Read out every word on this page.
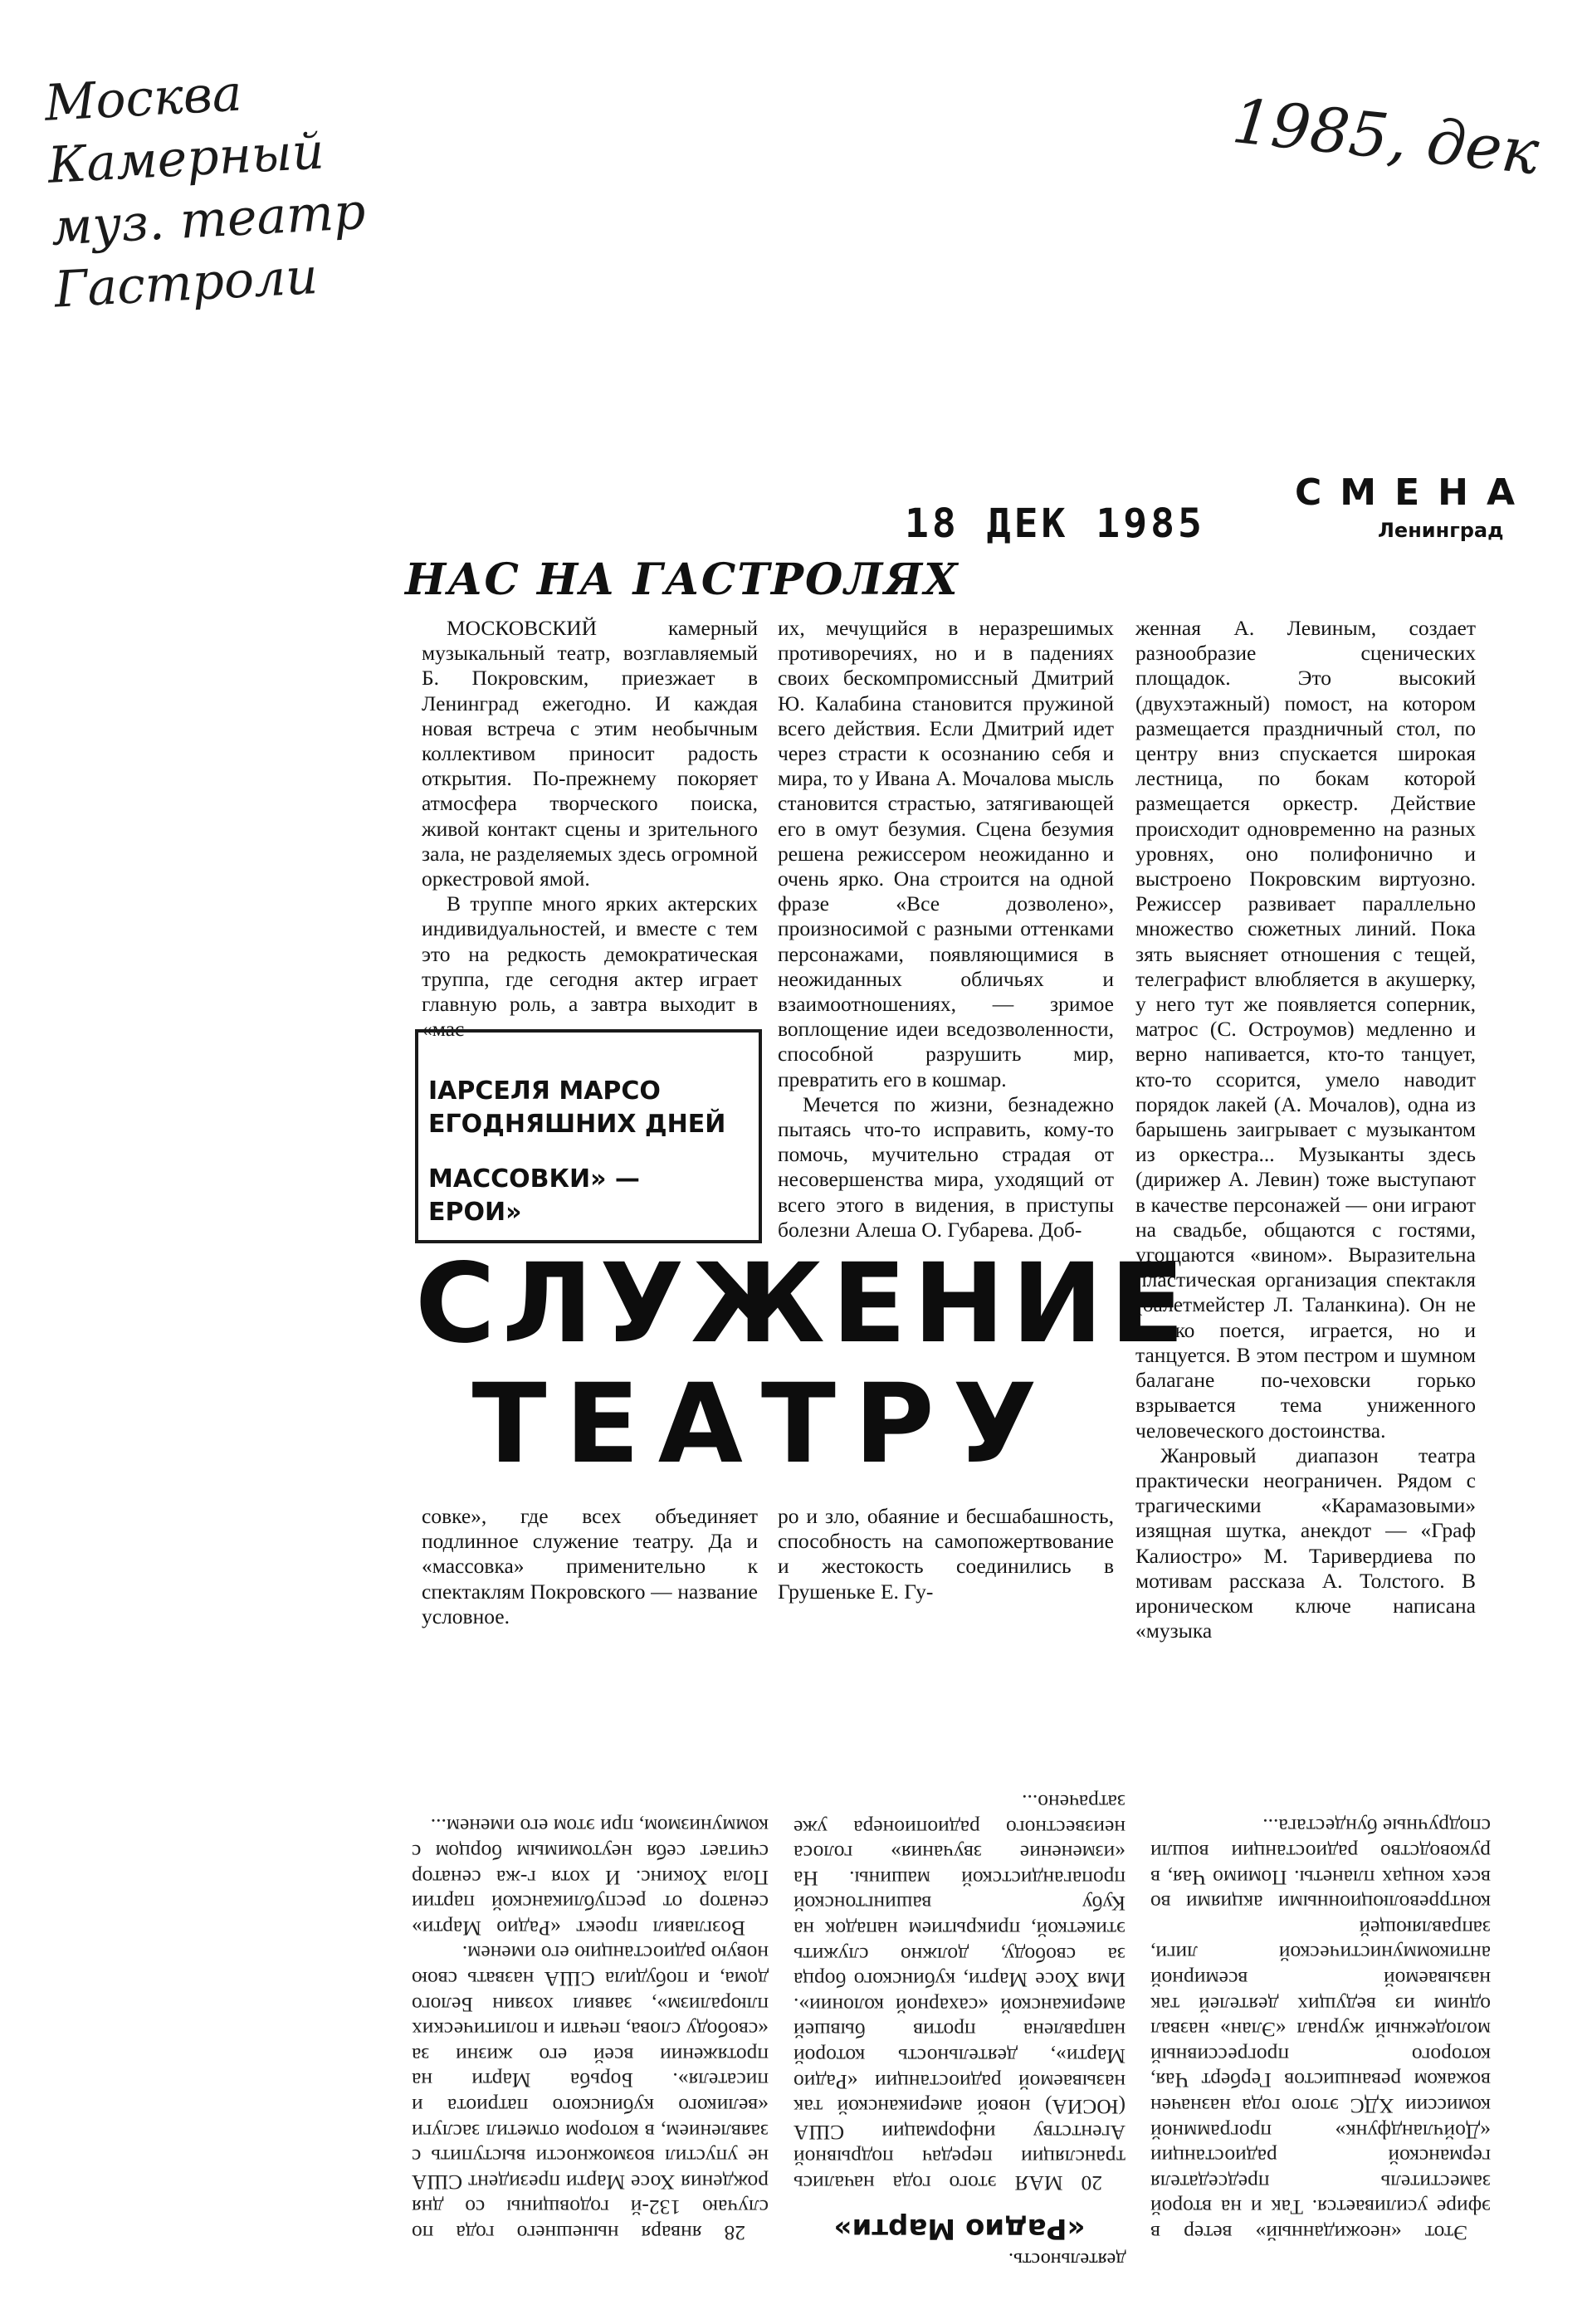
Москва
Камерный
муз. театр
Гастроли
1985, дек
18 ДЕК 1985
СМЕНА
Ленинград
НАС НА ГАСТРОЛЯХ

МОСКОВСКИЙ камерный музыкальный театр, возглавляемый Б. Покровским, приезжает в Ленинград ежегодно. И каждая новая встреча с этим необычным коллективом приносит радость открытия. По-прежнему покоряет атмосфера творческого поиска, живой контакт сцены и зрительного зала, не разделяемых здесь огромной оркестровой ямой.

В труппе много ярких актерских индивидуальностей, и вместе с тем это на редкость демократическая труппа, где сегодня актер играет главную роль, а завтра выходит в «мас-

их, мечущийся в неразрешимых противоречиях, но и в падениях своих бескомпромиссный Дмитрий Ю. Калабина становится пружиной всего действия. Если Дмитрий идет через страсти к осознанию себя и мира, то у Ивана А. Мочалова мысль становится страстью, затягивающей его в омут безумия. Сцена безумия решена режиссером неожиданно и очень ярко. Она строится на одной фразе «Все дозволено», произносимой с разными оттенками персонажами, появляющимися в неожиданных обличьях и взаимоотношениях, — зримое воплощение идеи вседозволенности, способной разрушить мир, превратить его в кошмар.

Мечется по жизни, безнадежно пытаясь что-то исправить, кому-то помочь, мучительно страдая от несовершенства мира, уходящий от всего этого в видения, в приступы болезни Алеша О. Губарева. Доб-

женная А. Левиным, создает разнообразие сценических площадок. Это высокий (двухэтажный) помост, на котором размещается праздничный стол, по центру вниз спускается широкая лестница, по бокам которой размещается оркестр. Действие происходит одновременно на разных уровнях, оно полифонично и выстроено Покровским виртуозно. Режиссер развивает параллельно множество сюжетных линий. Пока зять выясняет отношения с тещей, телеграфист влюбляется в акушерку, у него тут же появляется соперник, матрос (С. Остроумов) медленно и верно напивается, кто-то танцует, кто-то ссорится, умело наводит порядок лакей (А. Мочалов), одна из барышень заигрывает с музыкантом из оркестра... Музыканты здесь (дирижер А. Левин) тоже выступают в качестве персонажей — они играют на свадьбе, общаются с гостями, угощаются «вином». Выразительна пластическая организация спектакля (балетмейстер Л. Таланкина). Он не только поется, играется, но и танцуется. В этом пестром и шумном балагане по-чеховски горько взрывается тема униженного человеческого достоинства.

Жанровый диапазон театра практически неограничен. Рядом с трагическими «Карамазовыми» изящная шутка, анекдот — «Граф Калиостро» М. Таривердиева по мотивам рассказа А. Толстого. В ироническом ключе написана «музыка

ІАРСЕЛЯ МАРСО
ЕГОДНЯШНИХ ДНЕЙ
МАССОВКИ» —
ЕРОИ»
СЛУЖЕНИЕ
ТЕАТРУ

совке», где всех объединяет подлинное служение театру. Да и «массовка» применительно к спектаклям Покровского — название условное.

ро и зло, обаяние и бесшабашность, способность на самопожертвование и жестокость соединились в Грушеньке Е. Гу-

Этот «неожиданный» ветер в эфире усиливается. Так и на второй заместитель председателя германской радиостанции «Дойчландфунк» программной комиссии ХДС этого года назначен вожаком реваншистов Герберт Чая, которого прогрессивный молодежный журнал «Элан» назвал одним из ведущих деятелей так называемой всемирной антикоммунистической лиги, заправляющей контрреволюционными акциями во всех концах планеты. Помимо Чая, в руководство радиостанции вошли сподручные бундестага...

20 МАЯ этого года начались трансляции передач подрывной Агентству информации США (ЮСИА) новой американской так называемой радиостанции «Радио Марти», деятельность которой направлена против бывшей американской «сахарной колонии». Имя Хосе Марти, кубинского борца за свободу, должно служить этикеткой, прикрытием нападок на Кубу вашингтонской пропагандистской машины. На «изменение звучания» голоса неизвестного радиопионера уже затрачено...

«Радио Марти»

28 января нынешнего года по случаю 132-й годовщины со дня рождения Хосе Марти президент США не упустил возможности выступить с заявлением, в котором отметил заслуги «великого кубинского патриота и писателя». Борьба Марти на протяжении всей его жизни за «свободу слова, печати и политических плюрализм», заявил хозяин Белого дома, и побудила США назвать свою новую радиостанцию его именем.

Возглавил проект «Радио Марти» сенатор от республиканской партии Пола Хокинс. И хотя г-жа сенатор считает себя неутомимым борцом с коммунизмом, при этом его именем...

деятельность.
